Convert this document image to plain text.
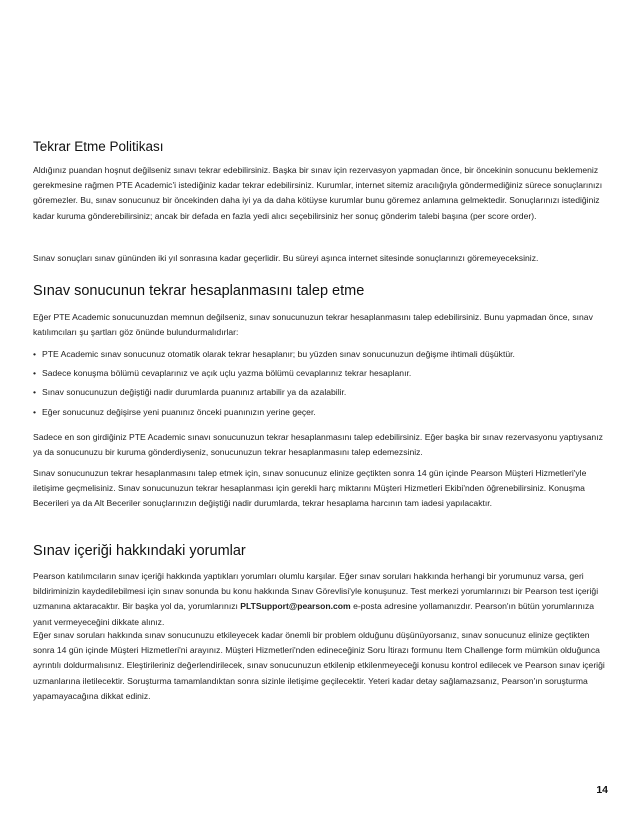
Tekrar Etme Politikası

Aldığınız puandan hoşnut değilseniz sınavı tekrar edebilirsiniz. Başka bir sınav için rezervasyon yapmadan önce, bir öncekinin sonucunu beklemeniz gerekmesine rağmen PTE Academic'i istediğiniz kadar tekrar edebilirsiniz. Kurumlar, internet sitemiz aracılığıyla göndermediğiniz sürece sonuçlarınızı göremezler. Bu, sınav sonucunuz bir öncekinden daha iyi ya da daha kötüyse kurumlar bunu göremez anlamına gelmektedir. Sonuçlarınızı istediğiniz kadar kuruma gönderebilirsiniz; ancak bir defada en fazla yedi alıcı seçebilirsiniz her sonuç gönderim talebi başına (per score order).

Sınav sonuçları sınav gününden iki yıl sonrasına kadar geçerlidir. Bu süreyi aşınca internet sitesinde sonuçlarınızı göremeyeceksiniz.

Sınav sonucunun tekrar hesaplanmasını talep etme

Eğer PTE Academic sonucunuzdan memnun değilseniz, sınav sonucunuzun tekrar hesaplanmasını talep edebilirsiniz. Bunu yapmadan önce, sınav katılımcıları şu şartları göz önünde bulundurmalıdırlar:

• PTE Academic sınav sonucunuz otomatik olarak tekrar hesaplanır; bu yüzden sınav sonucunuzun değişme ihtimali düşüktür.
• Sadece konuşma bölümü cevaplarınız ve açık uçlu yazma bölümü cevaplarınız tekrar hesaplanır.
• Sınav sonucunuzun değiştiği nadir durumlarda puanınız artabilir ya da azalabilir.
• Eğer sonucunuz değişirse yeni puanınız önceki puanınızın yerine geçer.

Sadece en son girdiğiniz PTE Academic sınavı sonucunuzun tekrar hesaplanmasını talep edebilirsiniz. Eğer başka bir sınav rezervasyonu yaptıysanız ya da sonucunuzu bir kuruma gönderdiyseniz, sonucunuzun tekrar hesaplanmasını talep edemezsiniz.

Sınav sonucunuzun tekrar hesaplanmasını talep etmek için, sınav sonucunuz elinize geçtikten sonra 14 gün içinde Pearson Müşteri Hizmetleri'yle iletişime geçmelisiniz. Sınav sonucunuzun tekrar hesaplanması için gerekli harç miktarını Müşteri Hizmetleri Ekibi'nden öğrenebilirsiniz. Konuşma Becerileri ya da Alt Beceriler sonuçlarınızın değiştiği nadir durumlarda, tekrar hesaplama harcının tam iadesi yapılacaktır.

Sınav içeriği hakkındaki yorumlar

Pearson katılımcıların sınav içeriği hakkında yaptıkları yorumları olumlu karşılar. Eğer sınav soruları hakkında herhangi bir yorumunuz varsa, geri bildiriminizin kaydedilebilmesi için sınav sonunda bu konu hakkında Sınav Görevlisi'yle konuşunuz. Test merkezi yorumlarınızı bir Pearson test içeriği uzmanına aktaracaktır. Bir başka yol da, yorumlarınızı PLTSupport@pearson.com e-posta adresine yollamanızdır. Pearson'ın bütün yorumlarınıza yanıt vermeyeceğini dikkate alınız.

Eğer sınav soruları hakkında sınav sonucunuzu etkileyecek kadar önemli bir problem olduğunu düşünüyorsanız, sınav sonucunuz elinize geçtikten sonra 14 gün içinde Müşteri Hizmetleri'ni arayınız. Müşteri Hizmetleri'nden edineceğiniz Soru İtirazı formunu Item Challenge form mümkün olduğunca ayrıntılı doldurmalısınız. Eleştirileriniz değerlendirilecek, sınav sonucunuzun etkilenip etkilenmeyeceği konusu kontrol edilecek ve Pearson sınav içeriği uzmanlarına iletilecektir. Soruşturma tamamlandıktan sonra sizinle iletişime geçilecektir. Yeteri kadar detay sağlamazsanız, Pearson'ın soruşturma yapamayacağına dikkat ediniz.

14
